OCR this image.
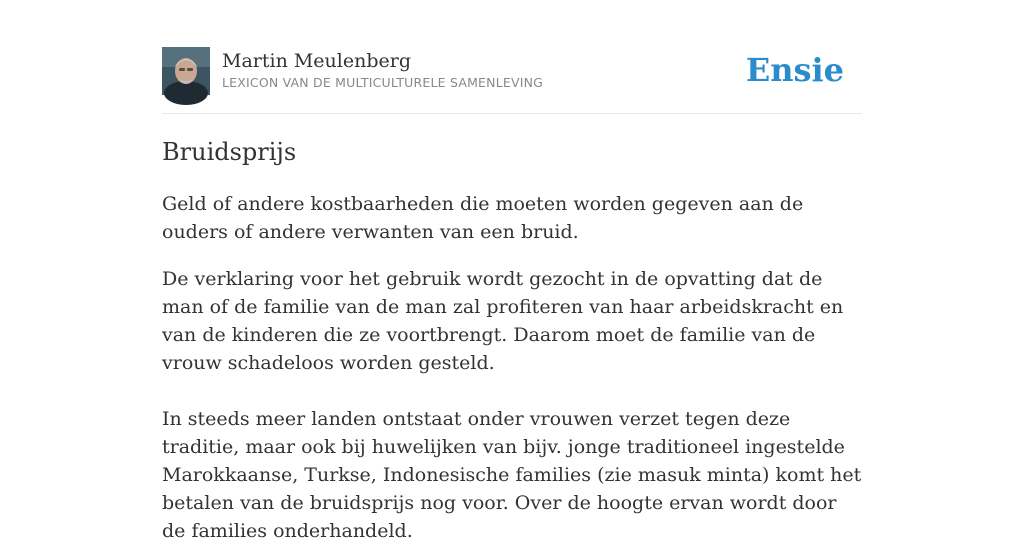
Martin Meulenberg
LEXICON VAN DE MULTICULTURELE SAMENLEVING	Ensie
Bruidsprijs

Geld of andere kostbaarheden die moeten worden gegeven aan de ouders of andere verwanten van een bruid.

De verklaring voor het gebruik wordt gezocht in de opvatting dat de man of de familie van de man zal profiteren van haar arbeidskracht en van de kinderen die ze voortbrengt. Daarom moet de familie van de vrouw schadeloos worden gesteld.

In steeds meer landen ontstaat onder vrouwen verzet tegen deze traditie, maar ook bij huwelijken van bijv. jonge traditioneel ingestelde Marokkaanse, Turkse, Indonesische families (zie masuk minta) komt het betalen van de bruidsprijs nog voor. Over de hoogte ervan wordt door de families onderhandeld.
